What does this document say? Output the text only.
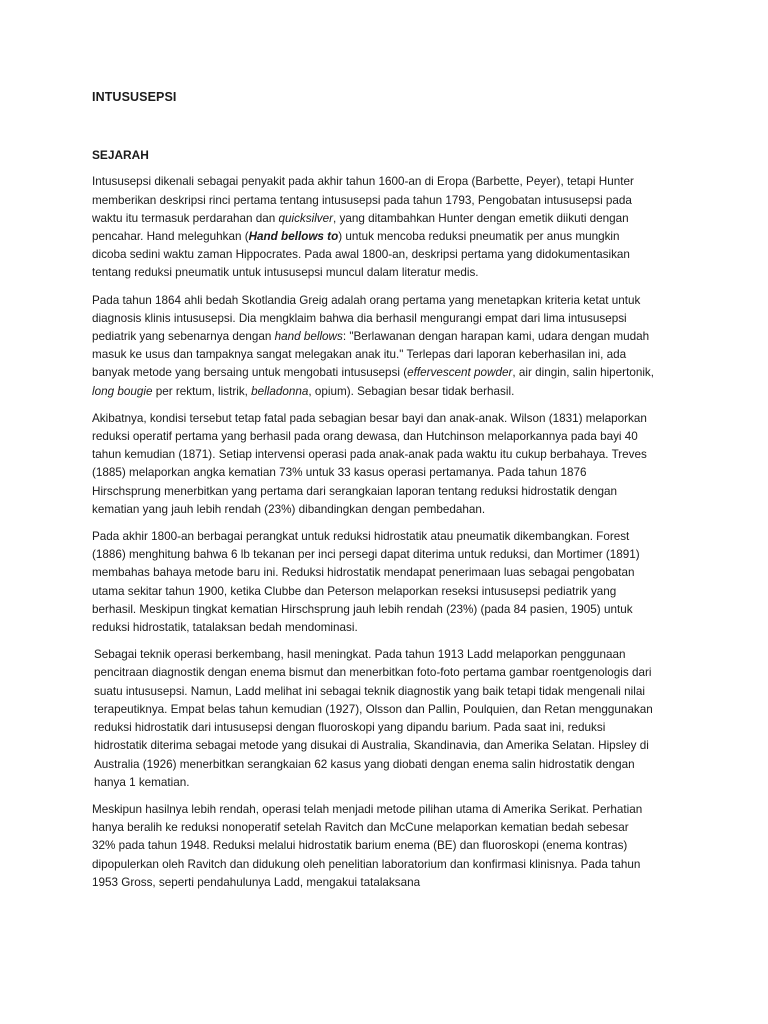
INTUSUSEPSI
SEJARAH

Intususepsi dikenali sebagai penyakit pada akhir tahun 1600-an di Eropa (Barbette, Peyer), tetapi Hunter memberikan deskripsi rinci pertama tentang intususepsi pada tahun 1793, Pengobatan intususepsi pada waktu itu termasuk perdarahan dan quicksilver, yang ditambahkan Hunter dengan emetik diikuti dengan pencahar. Hand meleguhkan (Hand bellows to) untuk mencoba reduksi pneumatik per anus mungkin dicoba sedini waktu zaman Hippocrates. Pada awal 1800-an, deskripsi pertama yang didokumentasikan tentang reduksi pneumatik untuk intususepsi muncul dalam literatur medis.

Pada tahun 1864 ahli bedah Skotlandia Greig adalah orang pertama yang menetapkan kriteria ketat untuk diagnosis klinis intususepsi. Dia mengklaim bahwa dia berhasil mengurangi empat dari lima intususepsi pediatrik yang sebenarnya dengan hand bellows: "Berlawanan dengan harapan kami, udara dengan mudah masuk ke usus dan tampaknya sangat melegakan anak itu." Terlepas dari laporan keberhasilan ini, ada banyak metode yang bersaing untuk mengobati intususepsi (effervescent powder, air dingin, salin hipertonik, long bougie per rektum, listrik, belladonna, opium). Sebagian besar tidak berhasil.

Akibatnya, kondisi tersebut tetap fatal pada sebagian besar bayi dan anak-anak. Wilson (1831) melaporkan reduksi operatif pertama yang berhasil pada orang dewasa, dan Hutchinson melaporkannya pada bayi 40 tahun kemudian (1871). Setiap intervensi operasi pada anak-anak pada waktu itu cukup berbahaya. Treves (1885) melaporkan angka kematian 73% untuk 33 kasus operasi pertamanya. Pada tahun 1876 Hirschsprung menerbitkan yang pertama dari serangkaian laporan tentang reduksi hidrostatik dengan kematian yang jauh lebih rendah (23%) dibandingkan dengan pembedahan.

Pada akhir 1800-an berbagai perangkat untuk reduksi hidrostatik atau pneumatik dikembangkan. Forest (1886) menghitung bahwa 6 lb tekanan per inci persegi dapat diterima untuk reduksi, dan Mortimer (1891) membahas bahaya metode baru ini. Reduksi hidrostatik mendapat penerimaan luas sebagai pengobatan utama sekitar tahun 1900, ketika Clubbe dan Peterson melaporkan reseksi intususepsi pediatrik yang berhasil. Meskipun tingkat kematian Hirschsprung jauh lebih rendah (23%) (pada 84 pasien, 1905) untuk reduksi hidrostatik, tatalaksan bedah mendominasi.

Sebagai teknik operasi berkembang, hasil meningkat. Pada tahun 1913 Ladd melaporkan penggunaan pencitraan diagnostik dengan enema bismut dan menerbitkan foto-foto pertama gambar roentgenologis dari suatu intususepsi. Namun, Ladd melihat ini sebagai teknik diagnostik yang baik tetapi tidak mengenali nilai terapeutiknya. Empat belas tahun kemudian (1927), Olsson dan Pallin, Poulquien, dan Retan menggunakan reduksi hidrostatik dari intususepsi dengan fluoroskopi yang dipandu barium. Pada saat ini, reduksi hidrostatik diterima sebagai metode yang disukai di Australia, Skandinavia, dan Amerika Selatan. Hipsley di Australia (1926) menerbitkan serangkaian 62 kasus yang diobati dengan enema salin hidrostatik dengan hanya 1 kematian.

Meskipun hasilnya lebih rendah, operasi telah menjadi metode pilihan utama di Amerika Serikat. Perhatian hanya beralih ke reduksi nonoperatif setelah Ravitch dan McCune melaporkan kematian bedah sebesar 32% pada tahun 1948. Reduksi melalui hidrostatik barium enema (BE) dan fluoroskopi (enema kontras) dipopulerkan oleh Ravitch dan didukung oleh penelitian laboratorium dan konfirmasi klinisnya. Pada tahun 1953 Gross, seperti pendahulunya Ladd, mengakui tatalaksana
